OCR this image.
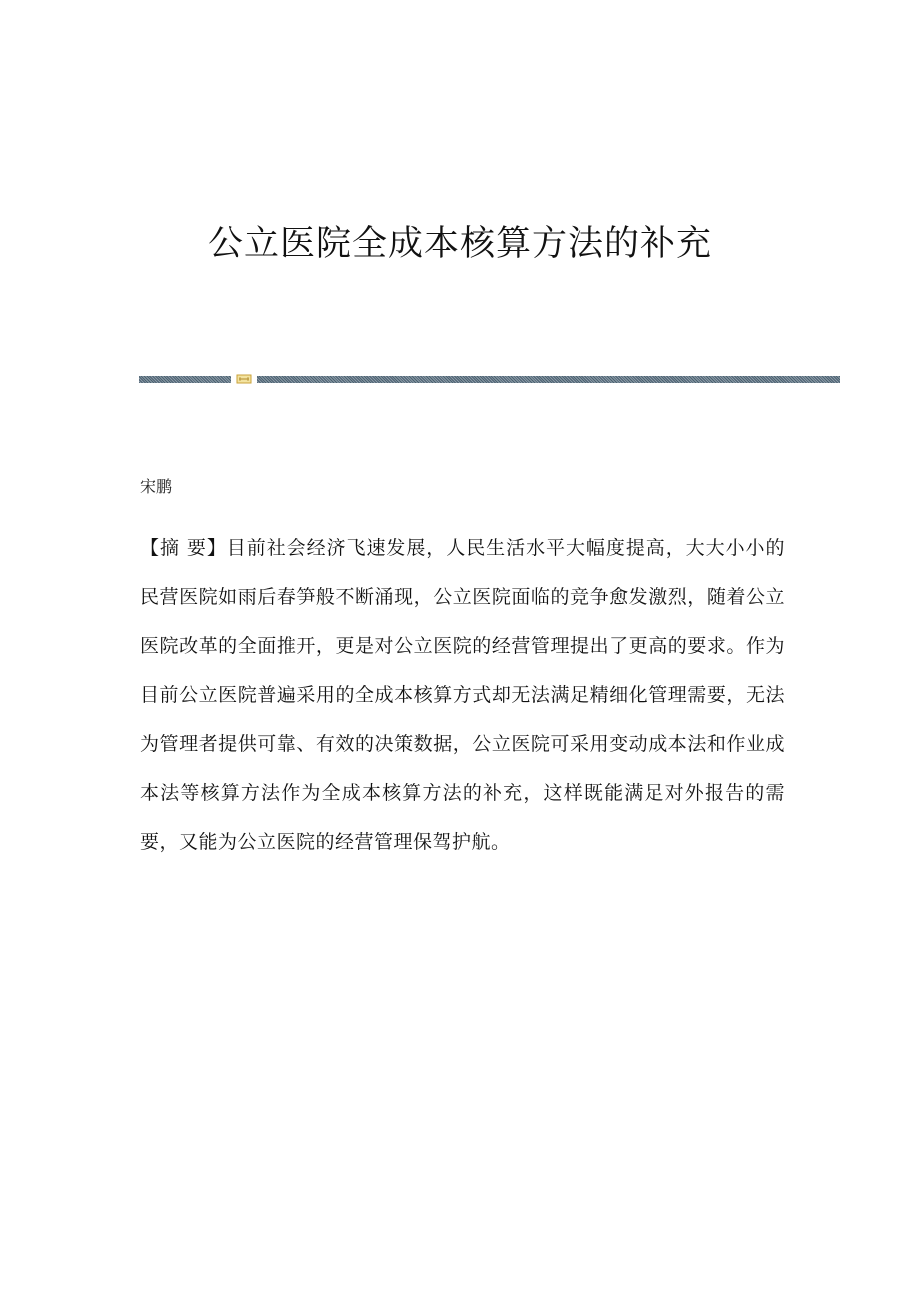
公立医院全成本核算方法的补充

宋鹏

【摘 要】目前社会经济飞速发展，人民生活水平大幅度提高，大大小小的民营医院如雨后春笋般不断涌现，公立医院面临的竞争愈发激烈，随着公立医院改革的全面推开，更是对公立医院的经营管理提出了更高的要求。作为目前公立医院普遍采用的全成本核算方式却无法满足精细化管理需要，无法为管理者提供可靠、有效的决策数据，公立医院可采用变动成本法和作业成本法等核算方法作为全成本核算方法的补充，这样既能满足对外报告的需要，又能为公立医院的经营管理保驾护航。
